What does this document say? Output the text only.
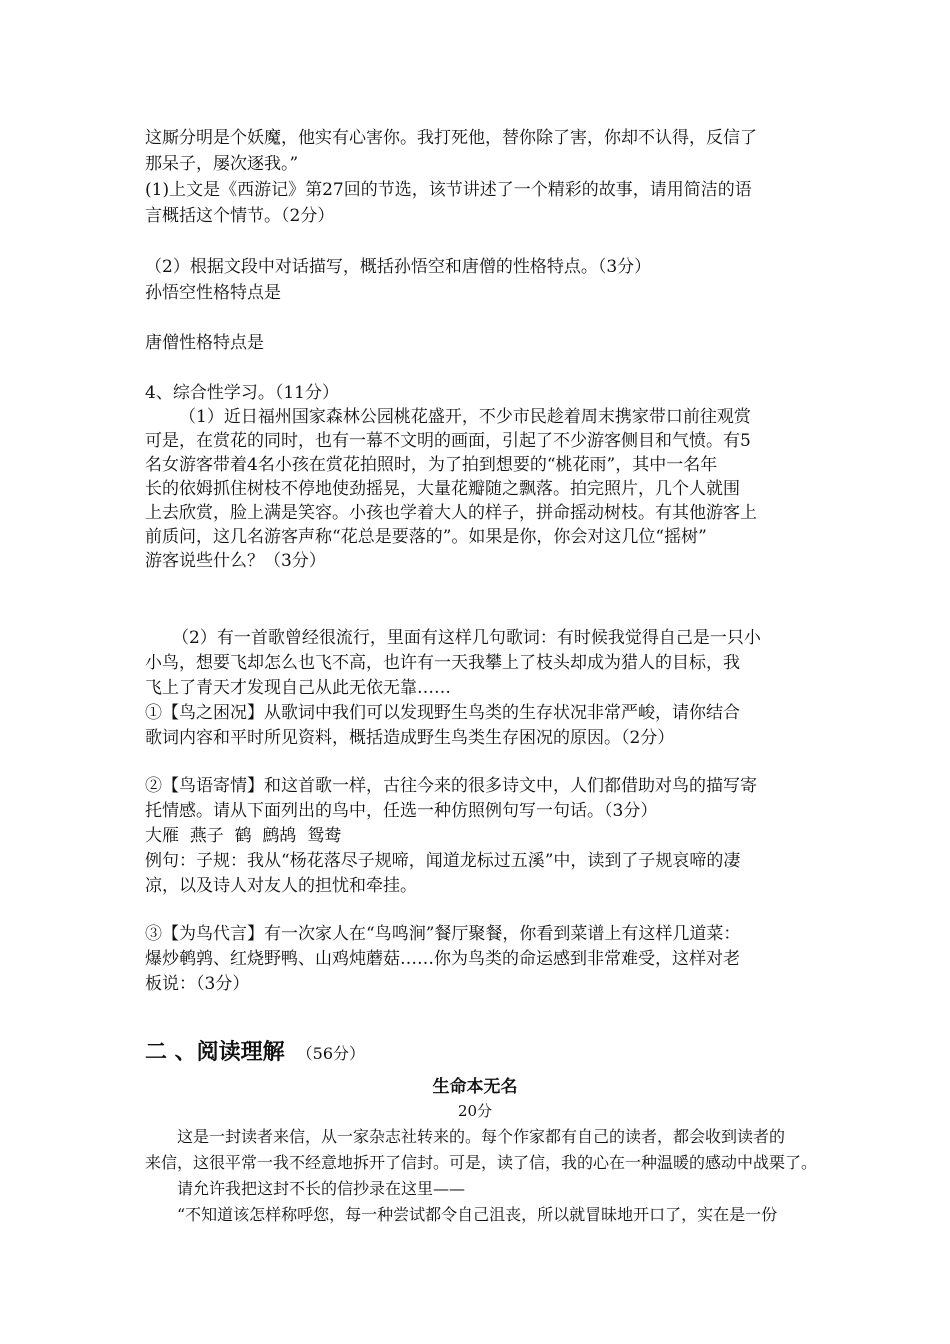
这厮分明是个妖魔，他实有心害你。我打死他，替你除了害，你却不认得，反信了

那呆子，屡次逐我。”

(1)上文是《西游记》第27回的节选，该节讲述了一个精彩的故事，请用简洁的语

言概括这个情节。（2分）

（2）根据文段中对话描写，概括孙悟空和唐僧的性格特点。（3分）

孙悟空性格特点是

唐僧性格特点是

4、综合性学习。（11分）

（1）近日福州国家森林公园桃花盛开，不少市民趁着周末携家带口前往观赏

可是，在赏花的同时，也有一幕不文明的画面，引起了不少游客侧目和气愤。有5

名女游客带着4名小孩在赏花拍照时，为了拍到想要的“桃花雨”，其中一名年

长的依姆抓住树枝不停地使劲摇晃，大量花瓣随之飘落。拍完照片，几个人就围

上去欣赏，脸上满是笑容。小孩也学着大人的样子，拼命摇动树枝。有其他游客上

前质问，这几名游客声称“花总是要落的”。如果是你，你会对这几位“摇树”

游客说些什么？（3分）

（2）有一首歌曾经很流行，里面有这样几句歌词：有时候我觉得自己是一只小

小鸟，想要飞却怎么也飞不高，也许有一天我攀上了枝头却成为猎人的目标，我

飞上了青天才发现自己从此无依无靠……

①【鸟之困况】从歌词中我们可以发现野生鸟类的生存状况非常严峻，请你结合

歌词内容和平时所见资料，概括造成野生鸟类生存困况的原因。（2分）

②【鸟语寄情】和这首歌一样，古往今来的很多诗文中，人们都借助对鸟的描写寄

托情感。请从下面列出的鸟中，任选一种仿照例句写一句话。（3分）

大雁  燕子  鹤  鹧鸪  鸳鸯

例句：子规：我从“杨花落尽子规啼，闻道龙标过五溪”中，读到了子规哀啼的凄

凉，以及诗人对友人的担忧和牵挂。

③【为鸟代言】有一次家人在“鸟鸣涧”餐厅聚餐，你看到菜谱上有这样几道菜：

爆炒鹌鹑、红烧野鸭、山鸡炖蘑菇……你为鸟类的命运感到非常难受，这样对老

板说：（3分）

二 、阅读理解 （56分）

生命本无名

20分

这是一封读者来信，从一家杂志社转来的。每个作家都有自己的读者，都会收到读者的

来信，这很平常一我不经意地拆开了信封。可是，读了信，我的心在一种温暖的感动中战栗了。

请允许我把这封不长的信抄录在这里——

“不知道该怎样称呼您，每一种尝试都令自己沮丧，所以就冒昧地开口了，实在是一份
